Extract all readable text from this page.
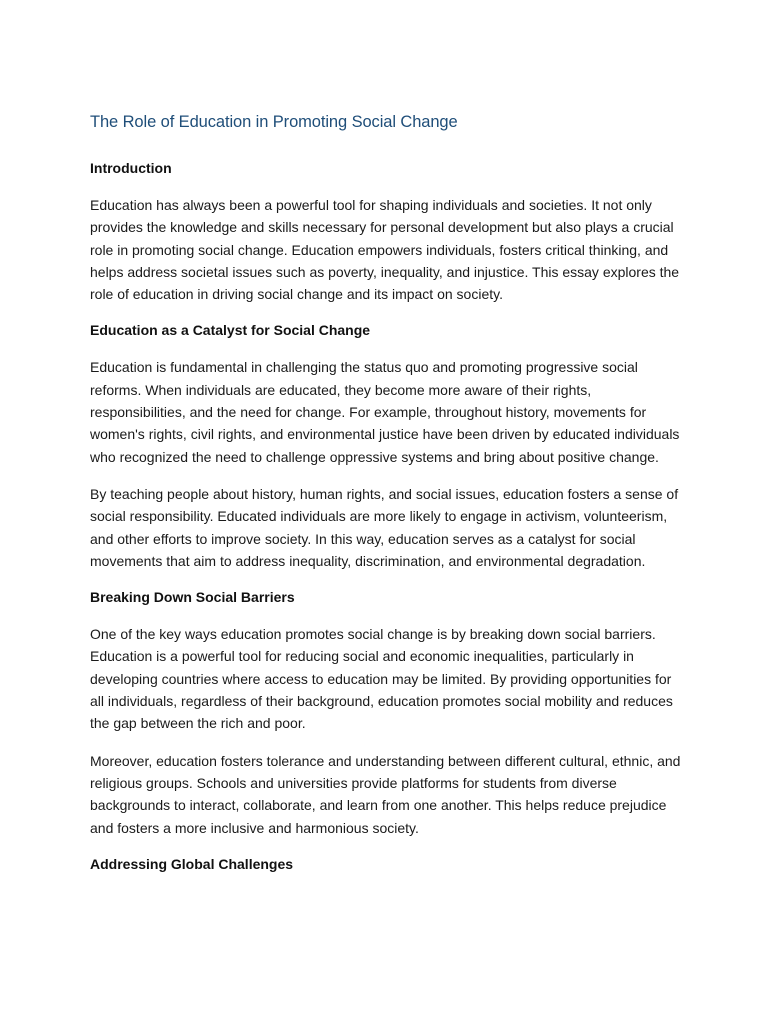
The Role of Education in Promoting Social Change
Introduction

Education has always been a powerful tool for shaping individuals and societies. It not only provides the knowledge and skills necessary for personal development but also plays a crucial role in promoting social change. Education empowers individuals, fosters critical thinking, and helps address societal issues such as poverty, inequality, and injustice. This essay explores the role of education in driving social change and its impact on society.

Education as a Catalyst for Social Change

Education is fundamental in challenging the status quo and promoting progressive social reforms. When individuals are educated, they become more aware of their rights, responsibilities, and the need for change. For example, throughout history, movements for women's rights, civil rights, and environmental justice have been driven by educated individuals who recognized the need to challenge oppressive systems and bring about positive change.

By teaching people about history, human rights, and social issues, education fosters a sense of social responsibility. Educated individuals are more likely to engage in activism, volunteerism, and other efforts to improve society. In this way, education serves as a catalyst for social movements that aim to address inequality, discrimination, and environmental degradation.

Breaking Down Social Barriers

One of the key ways education promotes social change is by breaking down social barriers. Education is a powerful tool for reducing social and economic inequalities, particularly in developing countries where access to education may be limited. By providing opportunities for all individuals, regardless of their background, education promotes social mobility and reduces the gap between the rich and poor.

Moreover, education fosters tolerance and understanding between different cultural, ethnic, and religious groups. Schools and universities provide platforms for students from diverse backgrounds to interact, collaborate, and learn from one another. This helps reduce prejudice and fosters a more inclusive and harmonious society.

Addressing Global Challenges
